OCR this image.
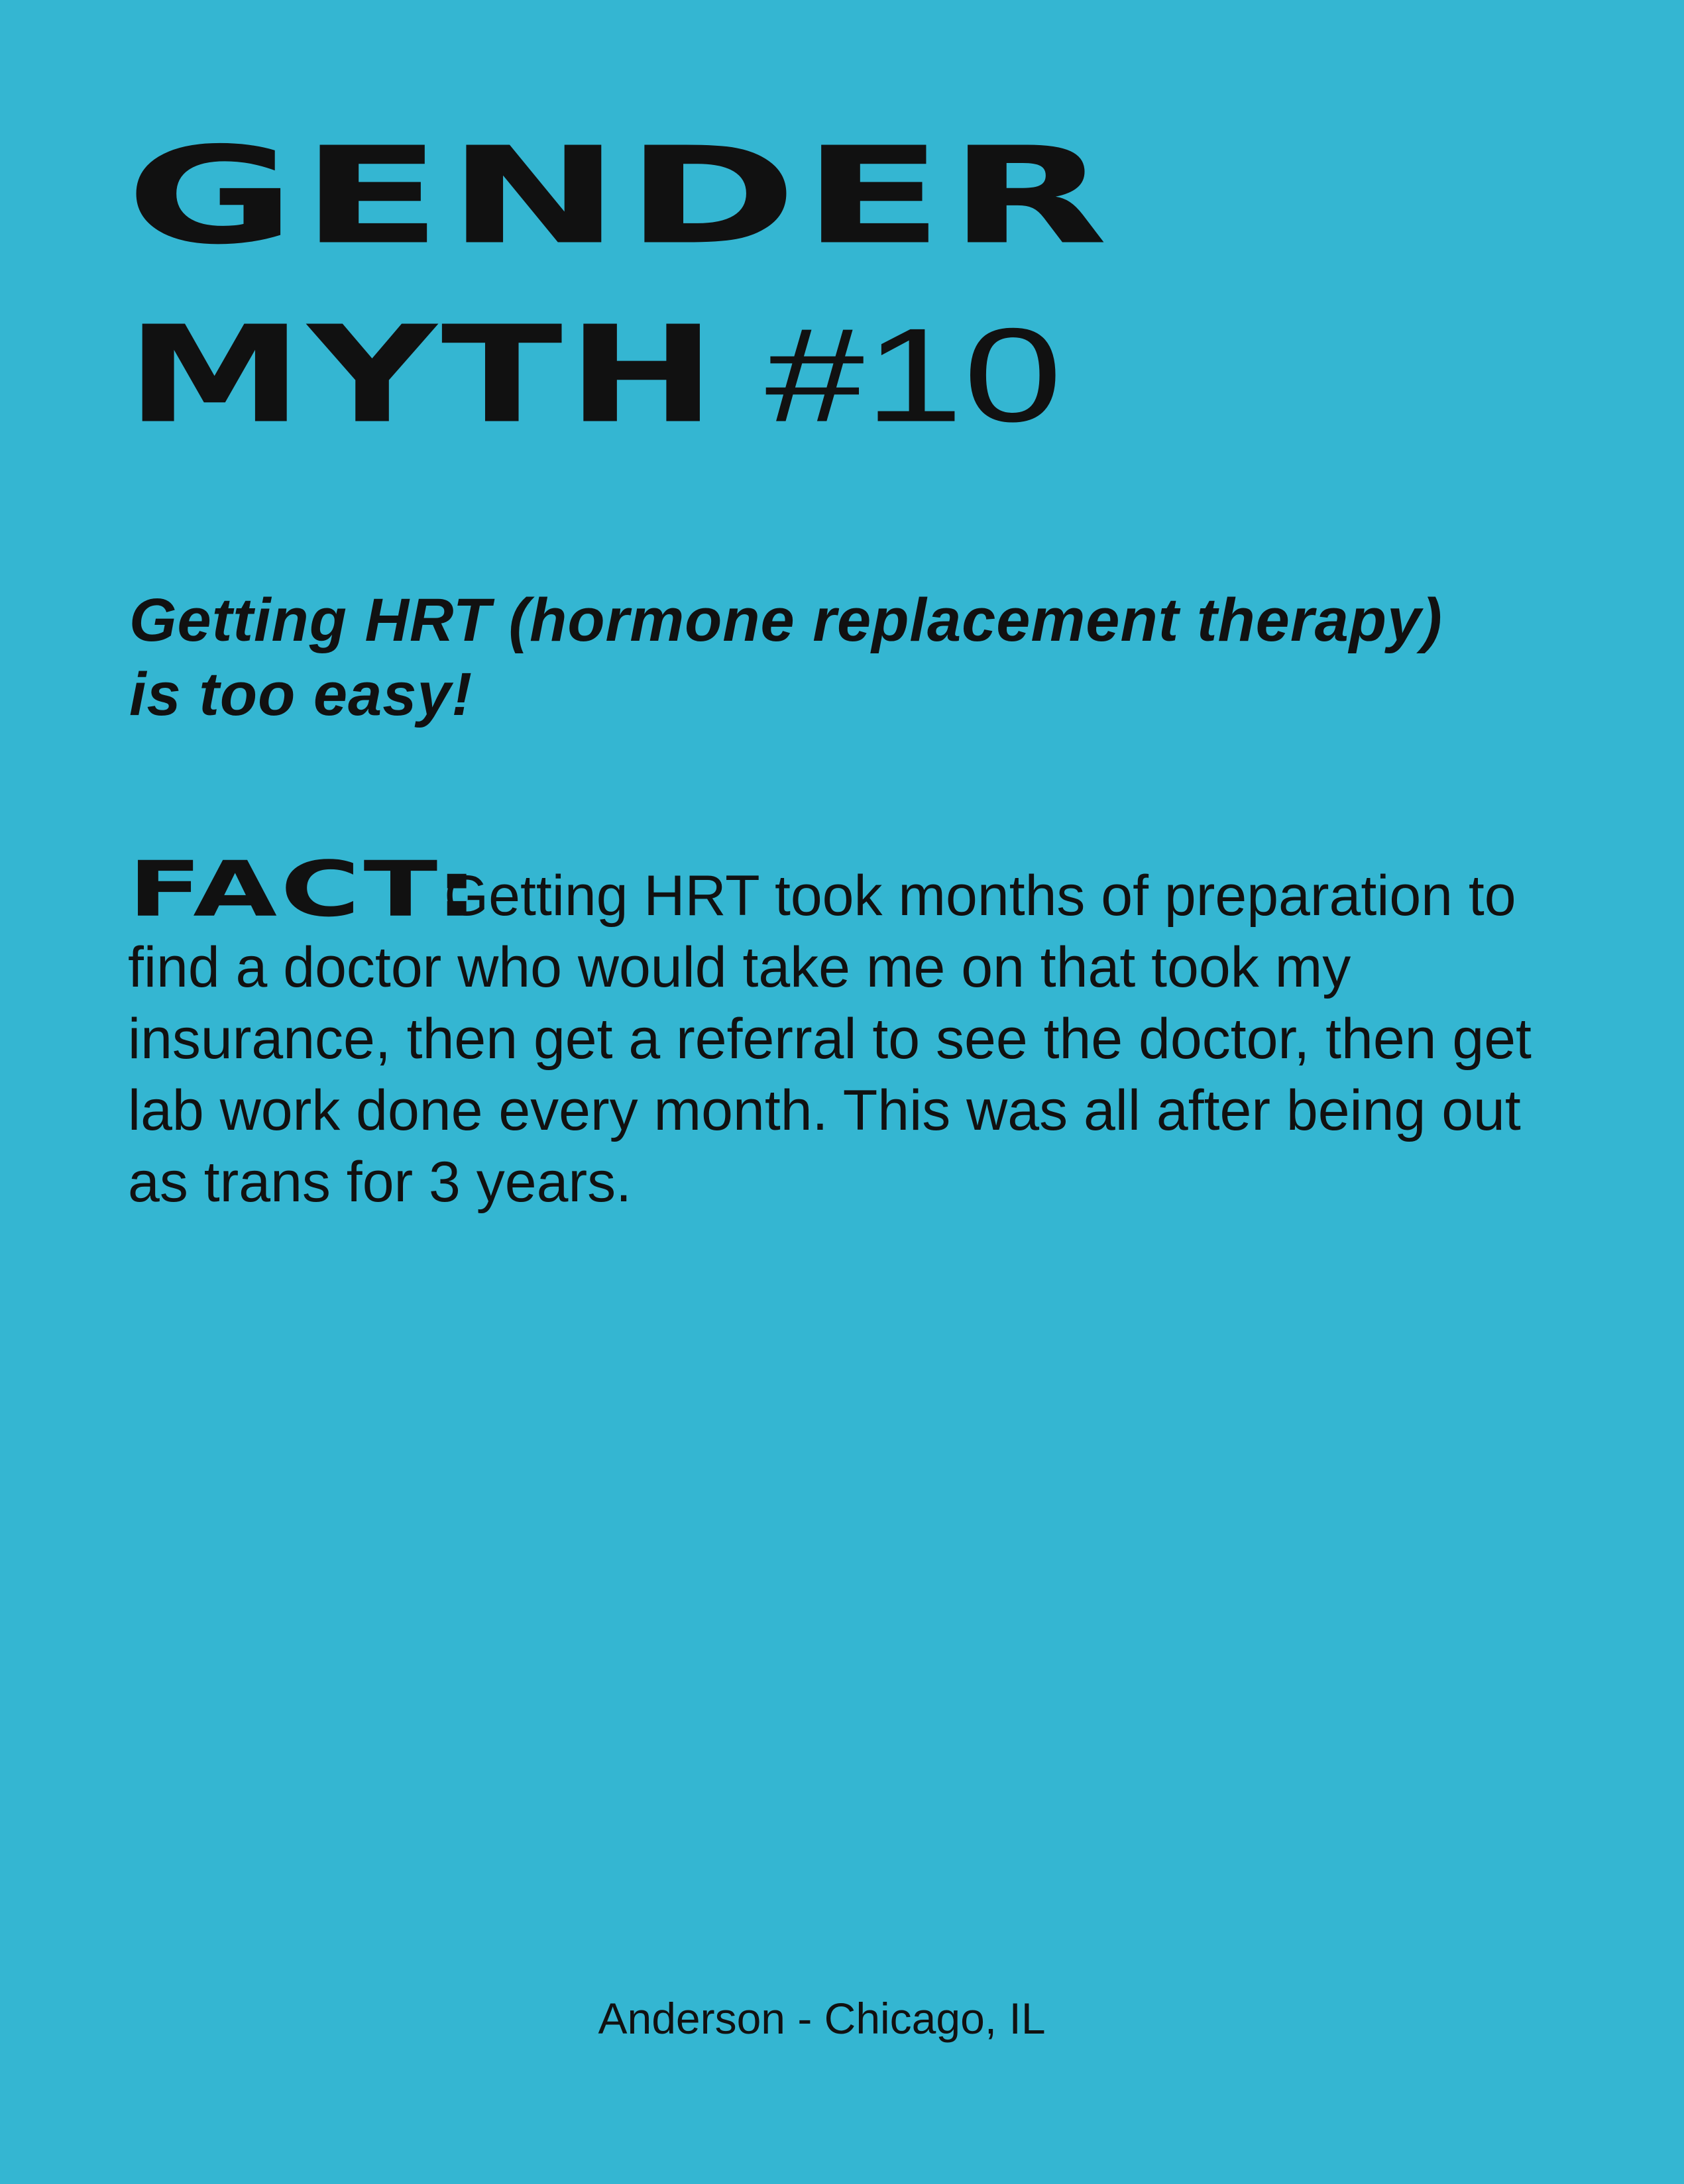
GENDER
MYTH #10

Getting HRT (hormone replacement therapy) is too easy!

FACT:Getting HRT took months of preparation to find a doctor who would take me on that took my insurance, then get a referral to see the doctor, then get lab work done every month. This was all after being out as trans for 3 years.

Anderson - Chicago, IL
